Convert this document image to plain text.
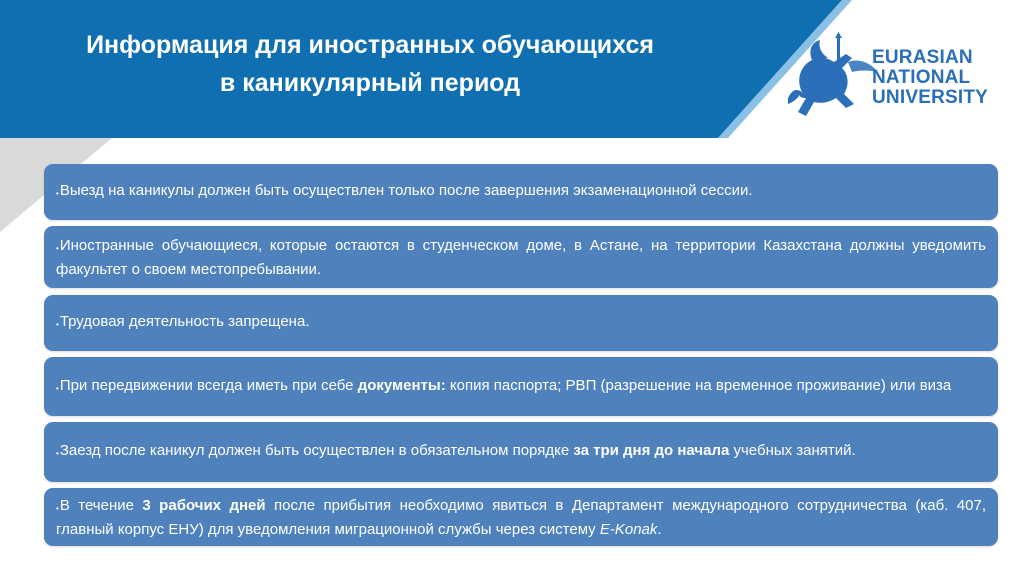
Информация для иностранных обучающихся
в каникулярный период
EURASIAN
NATIONAL
UNIVERSITY
•Выезд на каникулы должен быть осуществлен только после завершения экзаменационной сессии.
•Иностранные обучающиеся, которые остаются в студенческом доме, в Астане, на территории Казахстана должны уведомить факультет о своем местопребывании.
•Трудовая деятельность запрещена.
•При передвижении всегда иметь при себе документы: копия паспорта; РВП (разрешение на временное проживание) или виза
•Заезд после каникул должен быть осуществлен в обязательном порядке за три дня до начала учебных занятий.
•В течение 3 рабочих дней после прибытия необходимо явиться в Департамент международного сотрудничества (каб. 407, главный корпус ЕНУ) для уведомления миграционной службы через систему E-Konak.
